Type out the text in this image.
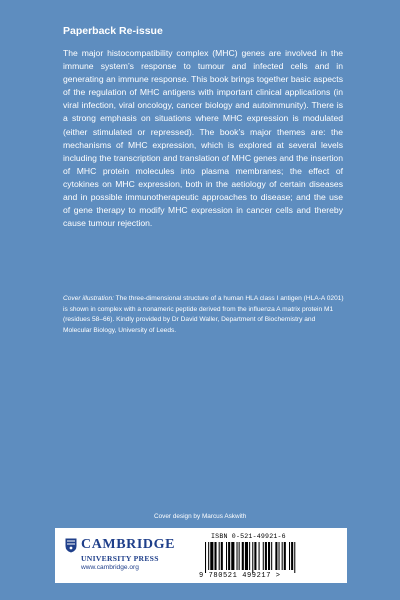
Paperback Re-issue
The major histocompatibility complex (MHC) genes are involved in the immune system’s response to tumour and infected cells and in generating an immune response. This book brings together basic aspects of the regulation of MHC antigens with important clinical applications (in viral infection, viral oncology, cancer biology and autoimmunity). There is a strong emphasis on situations where MHC expression is modulated (either stimulated or repressed). The book’s major themes are: the mechanisms of MHC expression, which is explored at several levels including the transcription and translation of MHC genes and the insertion of MHC protein molecules into plasma membranes; the effect of cytokines on MHC expression, both in the aetiology of certain diseases and in possible immunotherapeutic approaches to disease; and the use of gene therapy to modify MHC expression in cancer cells and thereby cause tumour rejection.
Cover illustration: The three-dimensional structure of a human HLA class I antigen (HLA-A 0201) is shown in complex with a nonameric peptide derived from the influenza A matrix protein M1 (residues 58–66). Kindly provided by Dr David Waller, Department of Biochemistry and Molecular Biology, University of Leeds.
Cover design by Marcus Askwith
CAMBRIDGE
UNIVERSITY PRESS
www.cambridge.org
ISBN 0-521-49921-6
9 780521 499217 >
